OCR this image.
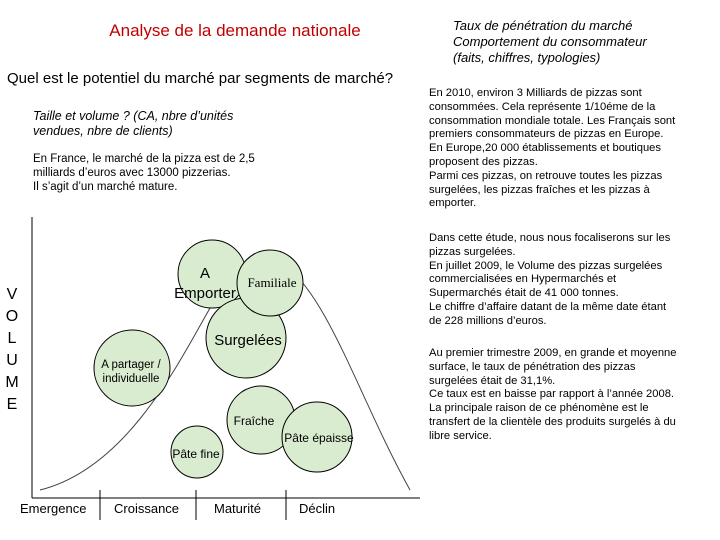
Analyse de la demande nationale	Taux de pénétration du marché
Comportement du consommateur
(faits, chiffres, typologies)
Quel est le potentiel du marché par segments de marché?
Taille et volume ? (CA, nbre d’unités
vendues, nbre de clients)
En France, le marché de la pizza est de 2,5
milliards d’euros avec 13000 pizzerias.
Il s’agit d’un marché mature.
En 2010, environ 3 Milliards de pizzas sont
consommées. Cela représente 1/10éme de la
consommation mondiale totale. Les Français sont
premiers consommateurs de pizzas en Europe.
En Europe,20 000 établissements et boutiques
proposent des pizzas.
Parmi ces pizzas, on retrouve toutes les pizzas
surgelées, les pizzas fraîches et les pizzas à
emporter.
Dans cette étude, nous nous focaliserons sur les
pizzas surgelées.
En juillet 2009, le Volume des pizzas surgelées
commercialisées en Hypermarchés et
Supermarchés était de 41 000 tonnes.
Le chiffre d’affaire datant de la même date étant
de 228 millions d’euros.
Au premier trimestre 2009, en grande et moyenne
surface, le taux de pénétration des pizzas
surgelées était de 31,1%.
Ce taux est en baisse par rapport à l’année 2008.
La principale raison de ce phénomène est le
transfert de la clientèle des produits surgelés à du
libre service.
V
O
L
U
M
E
A
Emporter
Familiale
Surgelées
A partager /
individuelle
Fraîche
Pâte épaisse
Pâte fine
Emergence Croissance	Maturité	Déclin
